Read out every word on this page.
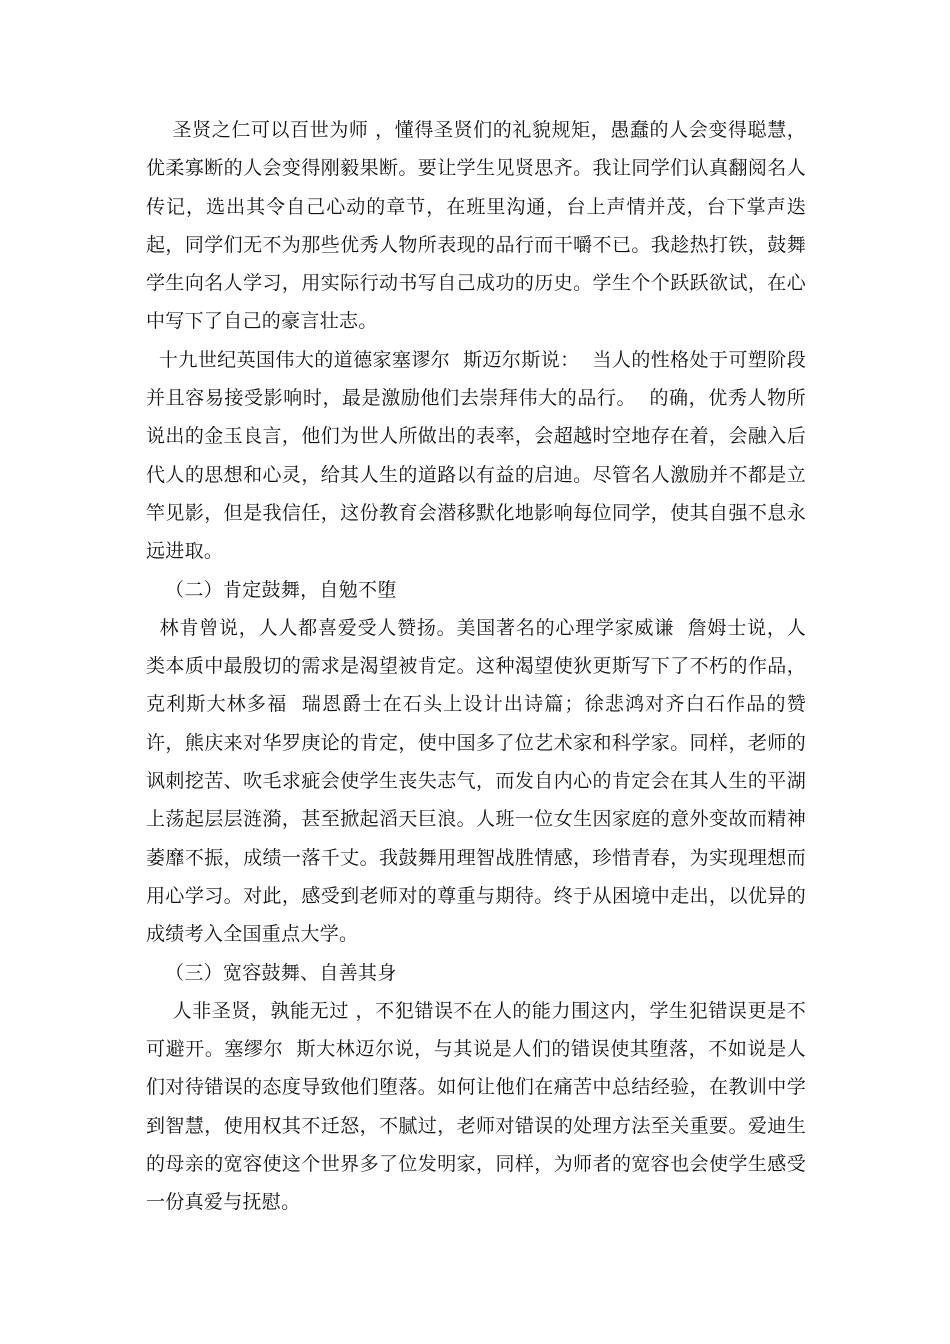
圣贤之仁可以百世为师 ，懂得圣贤们的礼貌规矩，愚蠢的人会变得聪慧，优柔寡断的人会变得刚毅果断。要让学生见贤思齐。我让同学们认真翻阅名人传记，选出其令自己心动的章节，在班里沟通，台上声情并茂，台下掌声迭起，同学们无不为那些优秀人物所表现的品行而干嚼不已。我趁热打铁，鼓舞学生向名人学习，用实际行动书写自己成功的历史。学生个个跃跃欲试，在心中写下了自己的豪言壮志。

十九世纪英国伟大的道德家塞谬尔  斯迈尔斯说：  当人的性格处于可塑阶段并且容易接受影响时，最是激励他们去崇拜伟大的品行。  的确，优秀人物所说出的金玉良言，他们为世人所做出的表率，会超越时空地存在着，会融入后代人的思想和心灵，给其人生的道路以有益的启迪。尽管名人激励并不都是立竿见影，但是我信任，这份教育会潜移默化地影响每位同学，使其自强不息永远进取。

（二）肯定鼓舞，自勉不堕

林肯曾说，人人都喜爱受人赞扬。美国著名的心理学家威谦  詹姆士说，人类本质中最殷切的需求是渴望被肯定。这种渴望使狄更斯写下了不朽的作品，克利斯大林多福  瑞恩爵士在石头上设计出诗篇；徐悲鸿对齐白石作品的赞许，熊庆来对华罗庚论的肯定，使中国多了位艺术家和科学家。同样，老师的讽刺挖苦、吹毛求疵会使学生丧失志气，而发自内心的肯定会在其人生的平湖上荡起层层涟漪，甚至掀起滔天巨浪。人班一位女生因家庭的意外变故而精神萎靡不振，成绩一落千丈。我鼓舞用理智战胜情感，珍惜青春，为实现理想而用心学习。对此，感受到老师对的尊重与期待。终于从困境中走出，以优异的成绩考入全国重点大学。

（三）宽容鼓舞、自善其身

人非圣贤，孰能无过 ，不犯错误不在人的能力围这内，学生犯错误更是不可避开。塞缪尔  斯大林迈尔说，与其说是人们的错误使其堕落，不如说是人们对待错误的态度导致他们堕落。如何让他们在痛苦中总结经验，在教训中学到智慧，使用权其不迁怒，不腻过，老师对错误的处理方法至关重要。爱迪生的母亲的宽容使这个世界多了位发明家，同样，为师者的宽容也会使学生感受一份真爱与抚慰。
